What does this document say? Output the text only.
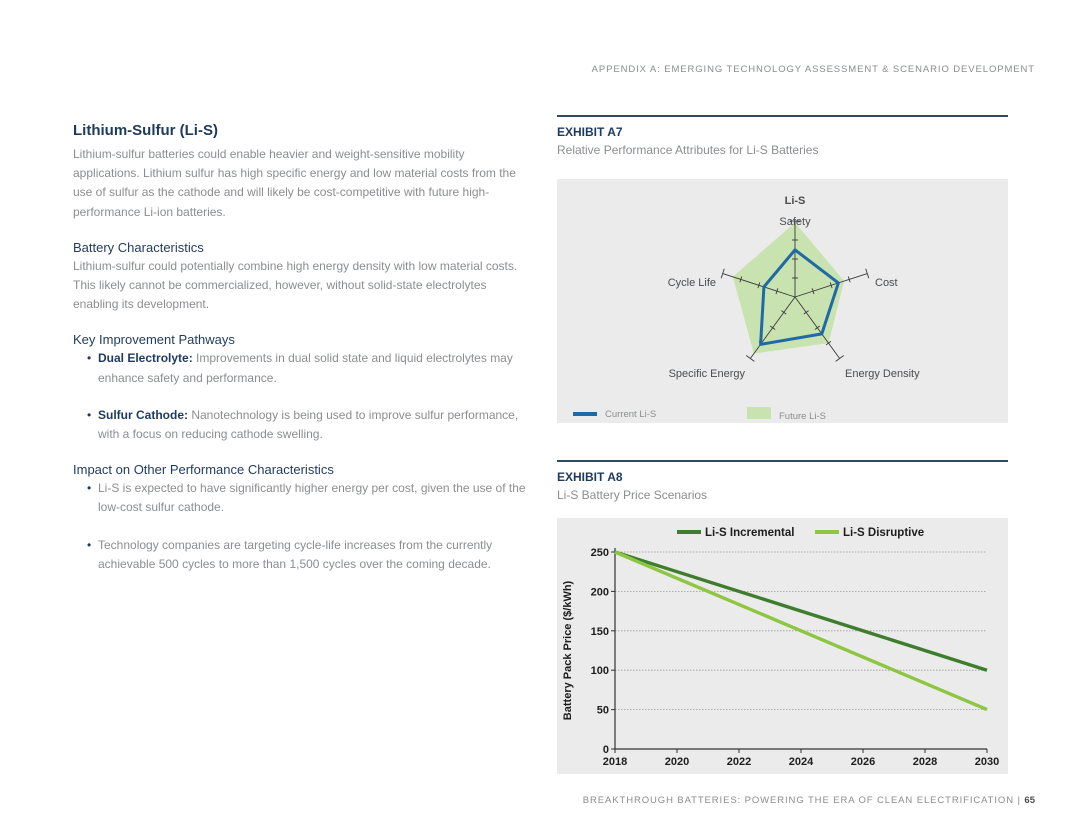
APPENDIX A: EMERGING TECHNOLOGY ASSESSMENT & SCENARIO DEVELOPMENT
Lithium-Sulfur (Li-S)
Lithium-sulfur batteries could enable heavier and weight-sensitive mobility applications. Lithium sulfur has high specific energy and low material costs from the use of sulfur as the cathode and will likely be cost-competitive with future high-performance Li-ion batteries.
Battery Characteristics
Lithium-sulfur could potentially combine high energy density with low material costs. This likely cannot be commercialized, however, without solid-state electrolytes enabling its development.
Key Improvement Pathways
• Dual Electrolyte: Improvements in dual solid state and liquid electrolytes may enhance safety and performance.
• Sulfur Cathode: Nanotechnology is being used to improve sulfur performance, with a focus on reducing cathode swelling.
Impact on Other Performance Characteristics
• Li-S is expected to have significantly higher energy per cost, given the use of the low-cost sulfur cathode.
• Technology companies are targeting cycle-life increases from the currently achievable 500 cycles to more than 1,500 cycles over the coming decade.
EXHIBIT A7
Relative Performance Attributes for Li-S Batteries
Li-S
Safety
Cost
Energy Density
Specific Energy
Cycle Life
Current Li-S	Future Li-S
EXHIBIT A8
Li-S Battery Price Scenarios
0
50
100
150
200
250
2018	2020	2022	2024	2026	2028	2030
Battery Pack Price ($/kWh)
Li-S Incremental	Li-S Disruptive
BREAKTHROUGH BATTERIES: POWERING THE ERA OF CLEAN ELECTRIFICATION | 65
